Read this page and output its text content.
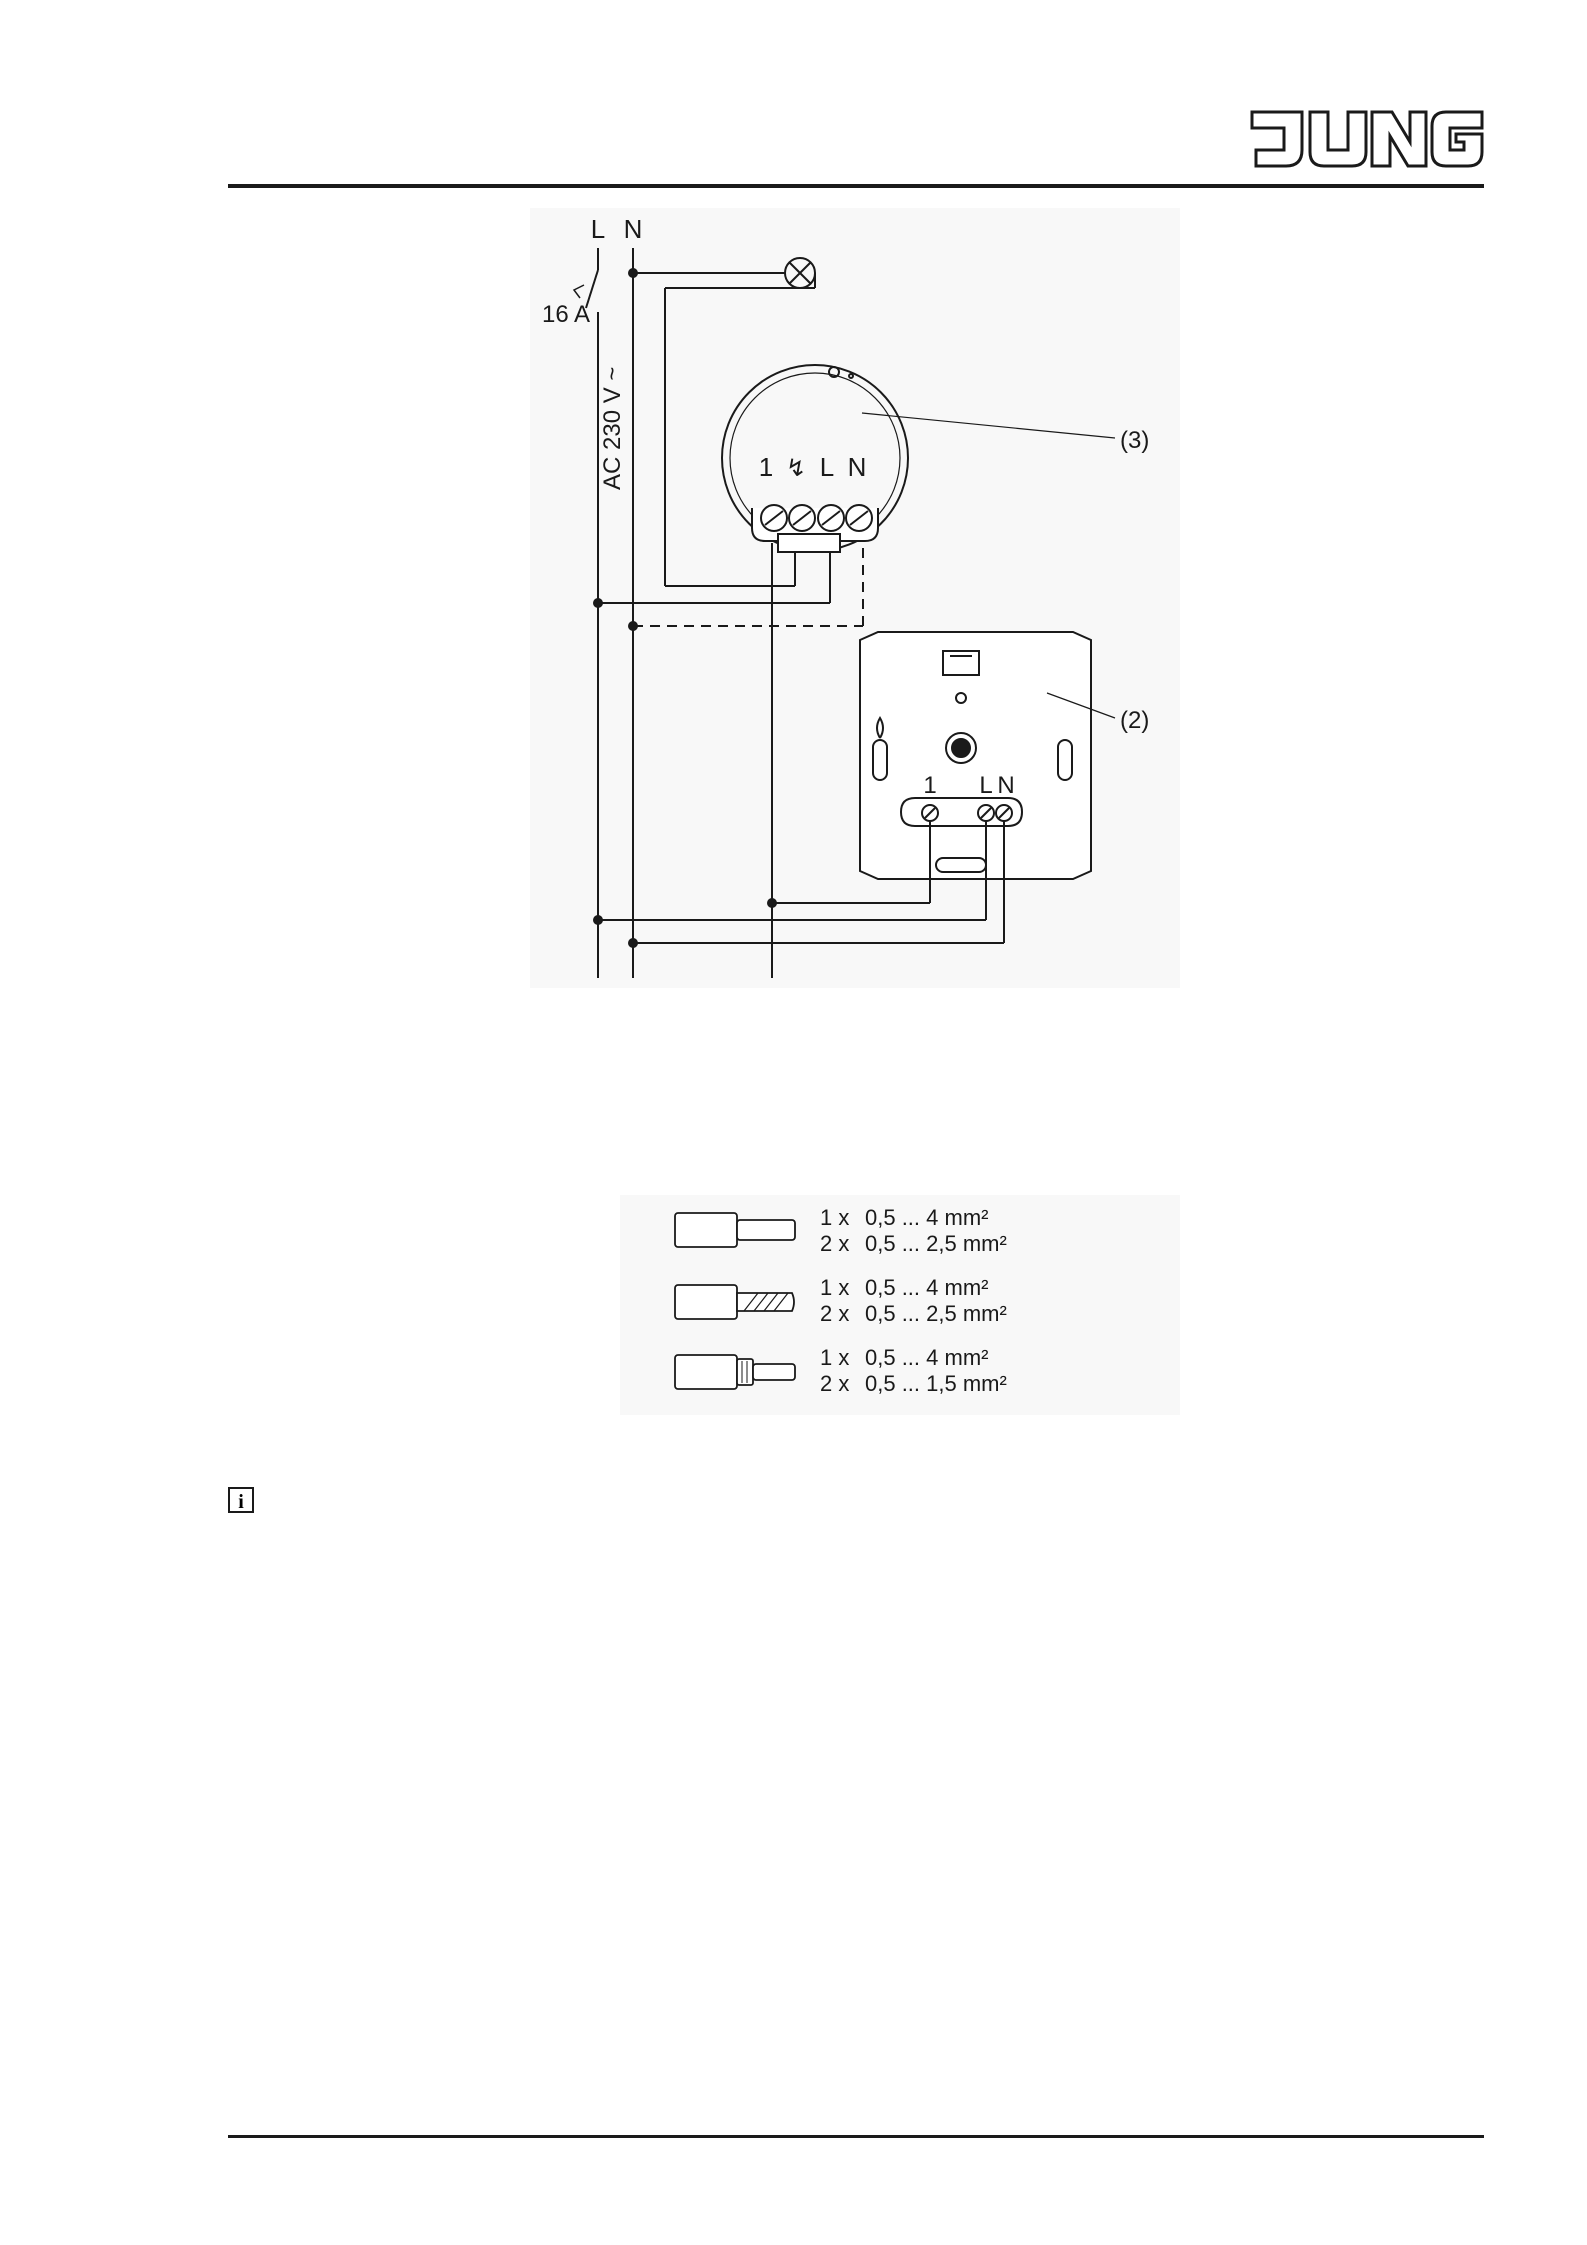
L N
16 A
AC 230 V ~	1 ↯ L N
(3)
(2)
1 L N
1 x 0,5 ... 4 mm²
2 x 0,5 ... 2,5 mm²
1 x 0,5 ... 4 mm²
2 x 0,5 ... 2,5 mm²
1 x 0,5 ... 4 mm²
2 x 0,5 ... 1,5 mm²
i
